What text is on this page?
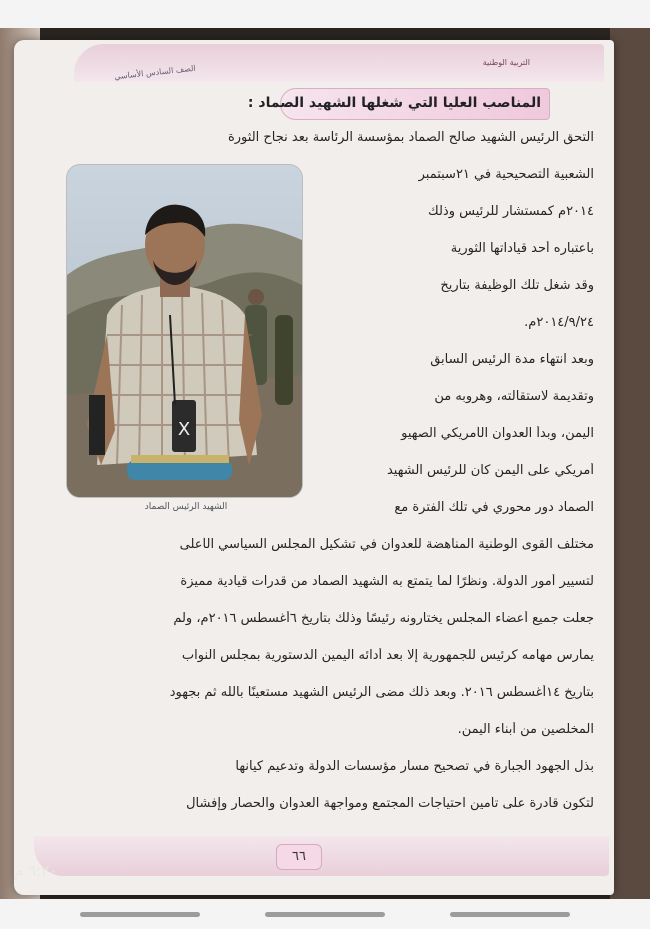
الصف السادس الأساسي
التربية الوطنية
المناصب العليا التي شغلها الشهيد الصماد :
التحق الرئيس الشهيد صالح الصماد بمؤسسة الرئاسة بعد نجاح الثورة
الشعبية التصحيحية في ٢١سبتمبر
٢٠١٤م كمستشار للرئيس وذلك
باعتباره أحد قياداتها الثورية
وقد شغل تلك الوظيفة بتاريخ
٢٠١٤/٩/٢٤م.
وبعد انتهاء مدة الرئيس السابق
وتقديمة لاستقالته، وهروبه من
اليمن، وبدأ العدوان الأمريكي الصهيو
أمريكي على اليمن كان للرئيس الشهيد
الصماد دور محوري في تلك الفترة مع
مختلف القوى الوطنية المناهضة للعدوان في تشكيل المجلس السياسي الأعلى
لتسيير أمور الدولة. ونظرًا لما يتمتع به الشهيد الصماد من قدرات قيادية مميزة
جعلت جميع أعضاء المجلس يختارونه رئيسًا وذلك بتاريخ ٦أغسطس ٢٠١٦م، ولم
يمارس مهامه كرئيس للجمهورية إلا بعد أدائه اليمين الدستورية بمجلس النواب
بتاريخ ١٤أغسطس ٢٠١٦. وبعد ذلك مضى الرئيس الشهيد مستعينًا بالله ثم بجهود
المخلصين من أبناء اليمن.
بذل الجهود الجبارة في تصحيح مسار مؤسسات الدولة وتدعيم كيانها
لتكون قادرة على تأمين احتياجات المجتمع ومواجهة العدوان والحصار وإفشال
X
الشهيد الرئيس الصماد
٦٦
٦:٢٠ م
